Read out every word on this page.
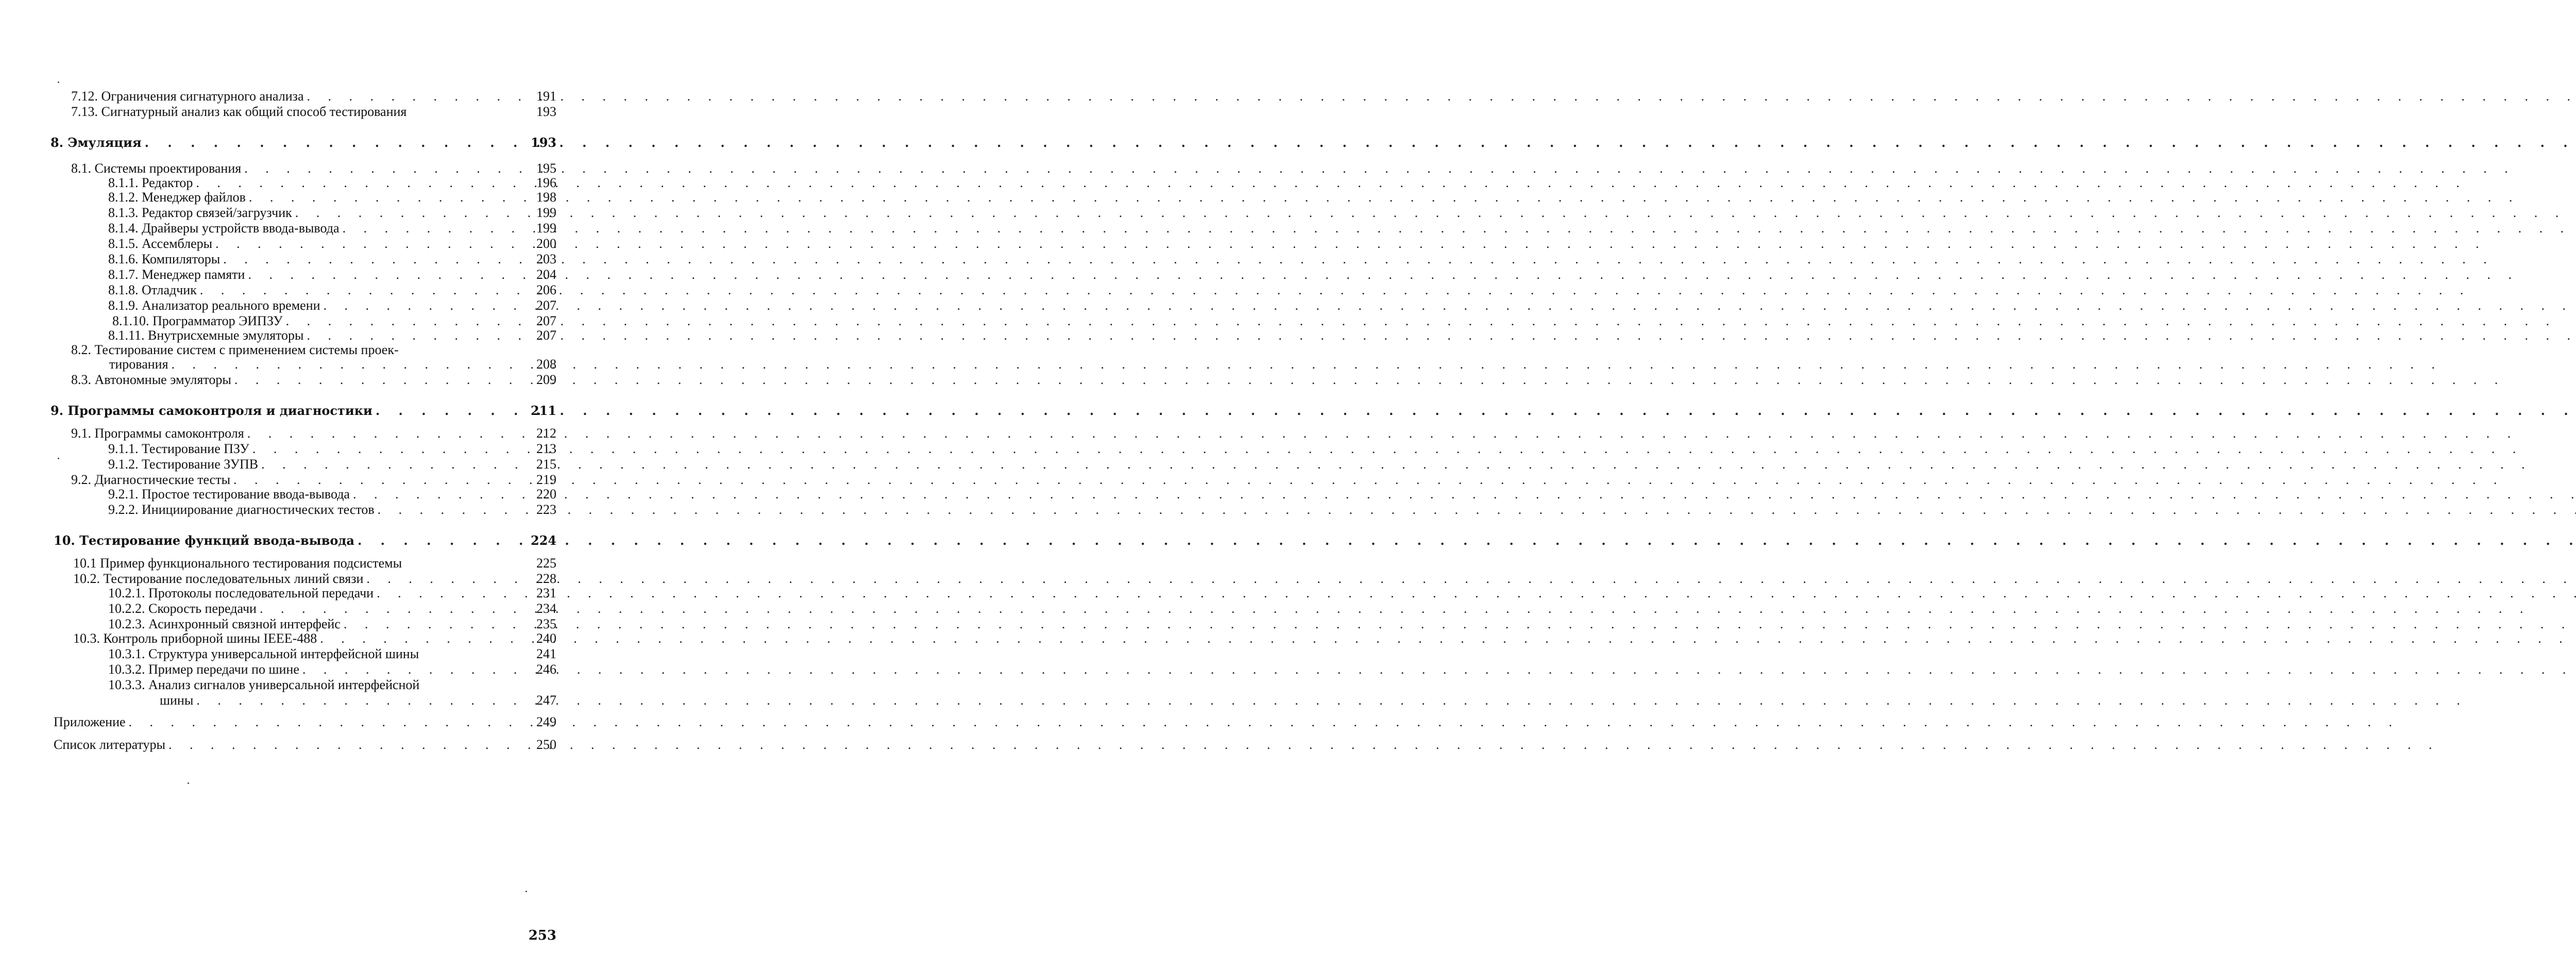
7.12. Ограничения сигнатурного анализа . . .	191
7.13. Сигнатурный анализ как общий способ тестирования	193
8. Эмуляция . . .	193
8.1. Системы проектирования . . .	195
8.1.1. Редактор . . .	196
8.1.2. Менеджер файлов . . .	198
8.1.3. Редактор связей/загрузчик . . .	199
8.1.4. Драйверы устройств ввода-вывода . . .	199
8.1.5. Ассемблеры . . .	200
8.1.6. Компиляторы . . .	203
8.1.7. Менеджер памяти . . .	204
8.1.8. Отладчик . . .	206
8.1.9. Анализатор реального времени . . .	207
8.1.10. Программатор ЭИПЗУ . . .	207
8.1.11. Внутрисхемные эмуляторы . . .	207
8.2. Тестирование систем с применением системы проек-
тирования . . .	208
8.3. Автономные эмуляторы . . .	209
9. Программы самоконтроля и диагностики . . .	211
9.1. Программы самоконтроля . . .	212
9.1.1. Тестирование ПЗУ . . .	213
9.1.2. Тестирование ЗУПВ . . .	215
9.2. Диагностические тесты . . .	219
9.2.1. Простое тестирование ввода-вывода . . .	220
9.2.2. Инициирование диагностических тестов . . .	223
10. Тестирование функций ввода-вывода . . .	224
10.1 Пример функционального тестирования подсистемы	225
10.2. Тестирование последовательных линий связи . . .	228
10.2.1. Протоколы последовательной передачи . . .	231
10.2.2. Скорость передачи . . .	234
10.2.3. Асинхронный связной интерфейс . . .	235
10.3. Контроль приборной шины IEEE-488 . . .	240
10.3.1. Структура универсальной интерфейсной шины	241
10.3.2. Пример передачи по шине . . .	246
10.3.3. Анализ сигналов универсальной интерфейсной
шины . . .	247
Приложение . . .	249
Список литературы . . .	250
253
